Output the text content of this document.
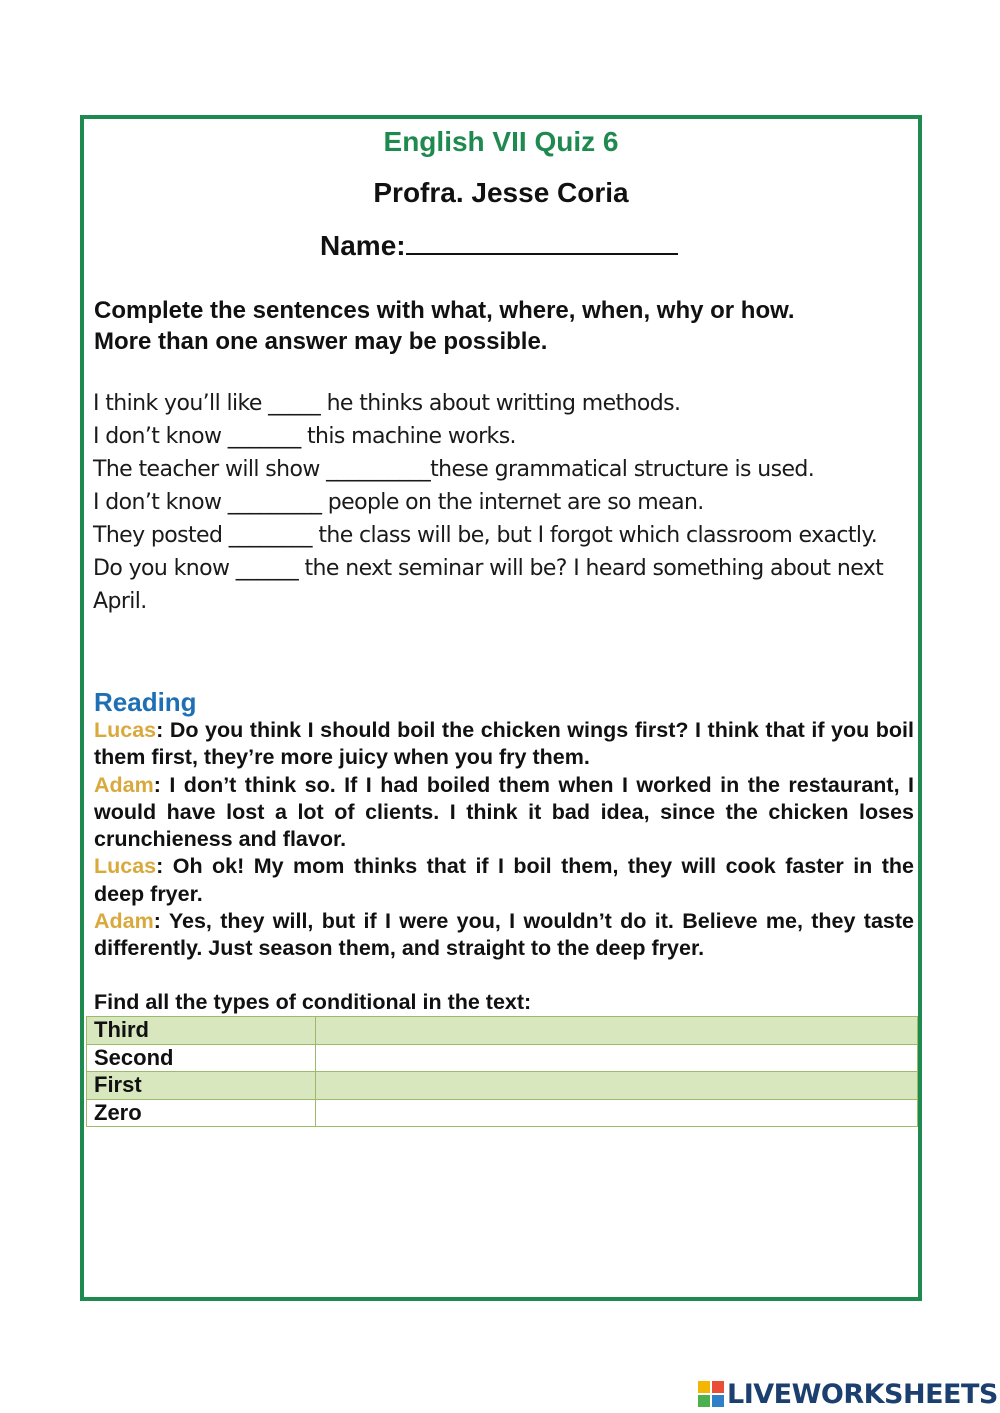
English VII Quiz 6
Profra. Jesse Coria
Name:
Complete the sentences with what, where, when, why or how.
More than one answer may be possible.
I think you’ll like _____ he thinks about writting methods.
I don’t know _______ this machine works.
The teacher will show __________these grammatical structure is used.
I don’t know _________ people on the internet are so mean.
They posted ________ the class will be, but I forgot which classroom exactly.
Do you know ______ the next seminar will be? I heard something about next April.
Reading

Lucas: Do you think I should boil the chicken wings first? I think that if you boil them first, they’re more juicy when you fry them.

Adam: I don’t think so. If I had boiled them when I worked in the restaurant, I would have lost a lot of clients. I think it bad idea, since the chicken loses crunchieness and flavor.

Lucas: Oh ok! My mom thinks that if I boil them, they will cook faster in the deep fryer.

Adam: Yes, they will, but if I were you, I wouldn’t do it. Believe me, they taste differently. Just season them, and straight to the deep fryer.

Find all the types of conditional in the text:
Third	
Second	
First	
Zero	
LIVEWORKSHEETS
